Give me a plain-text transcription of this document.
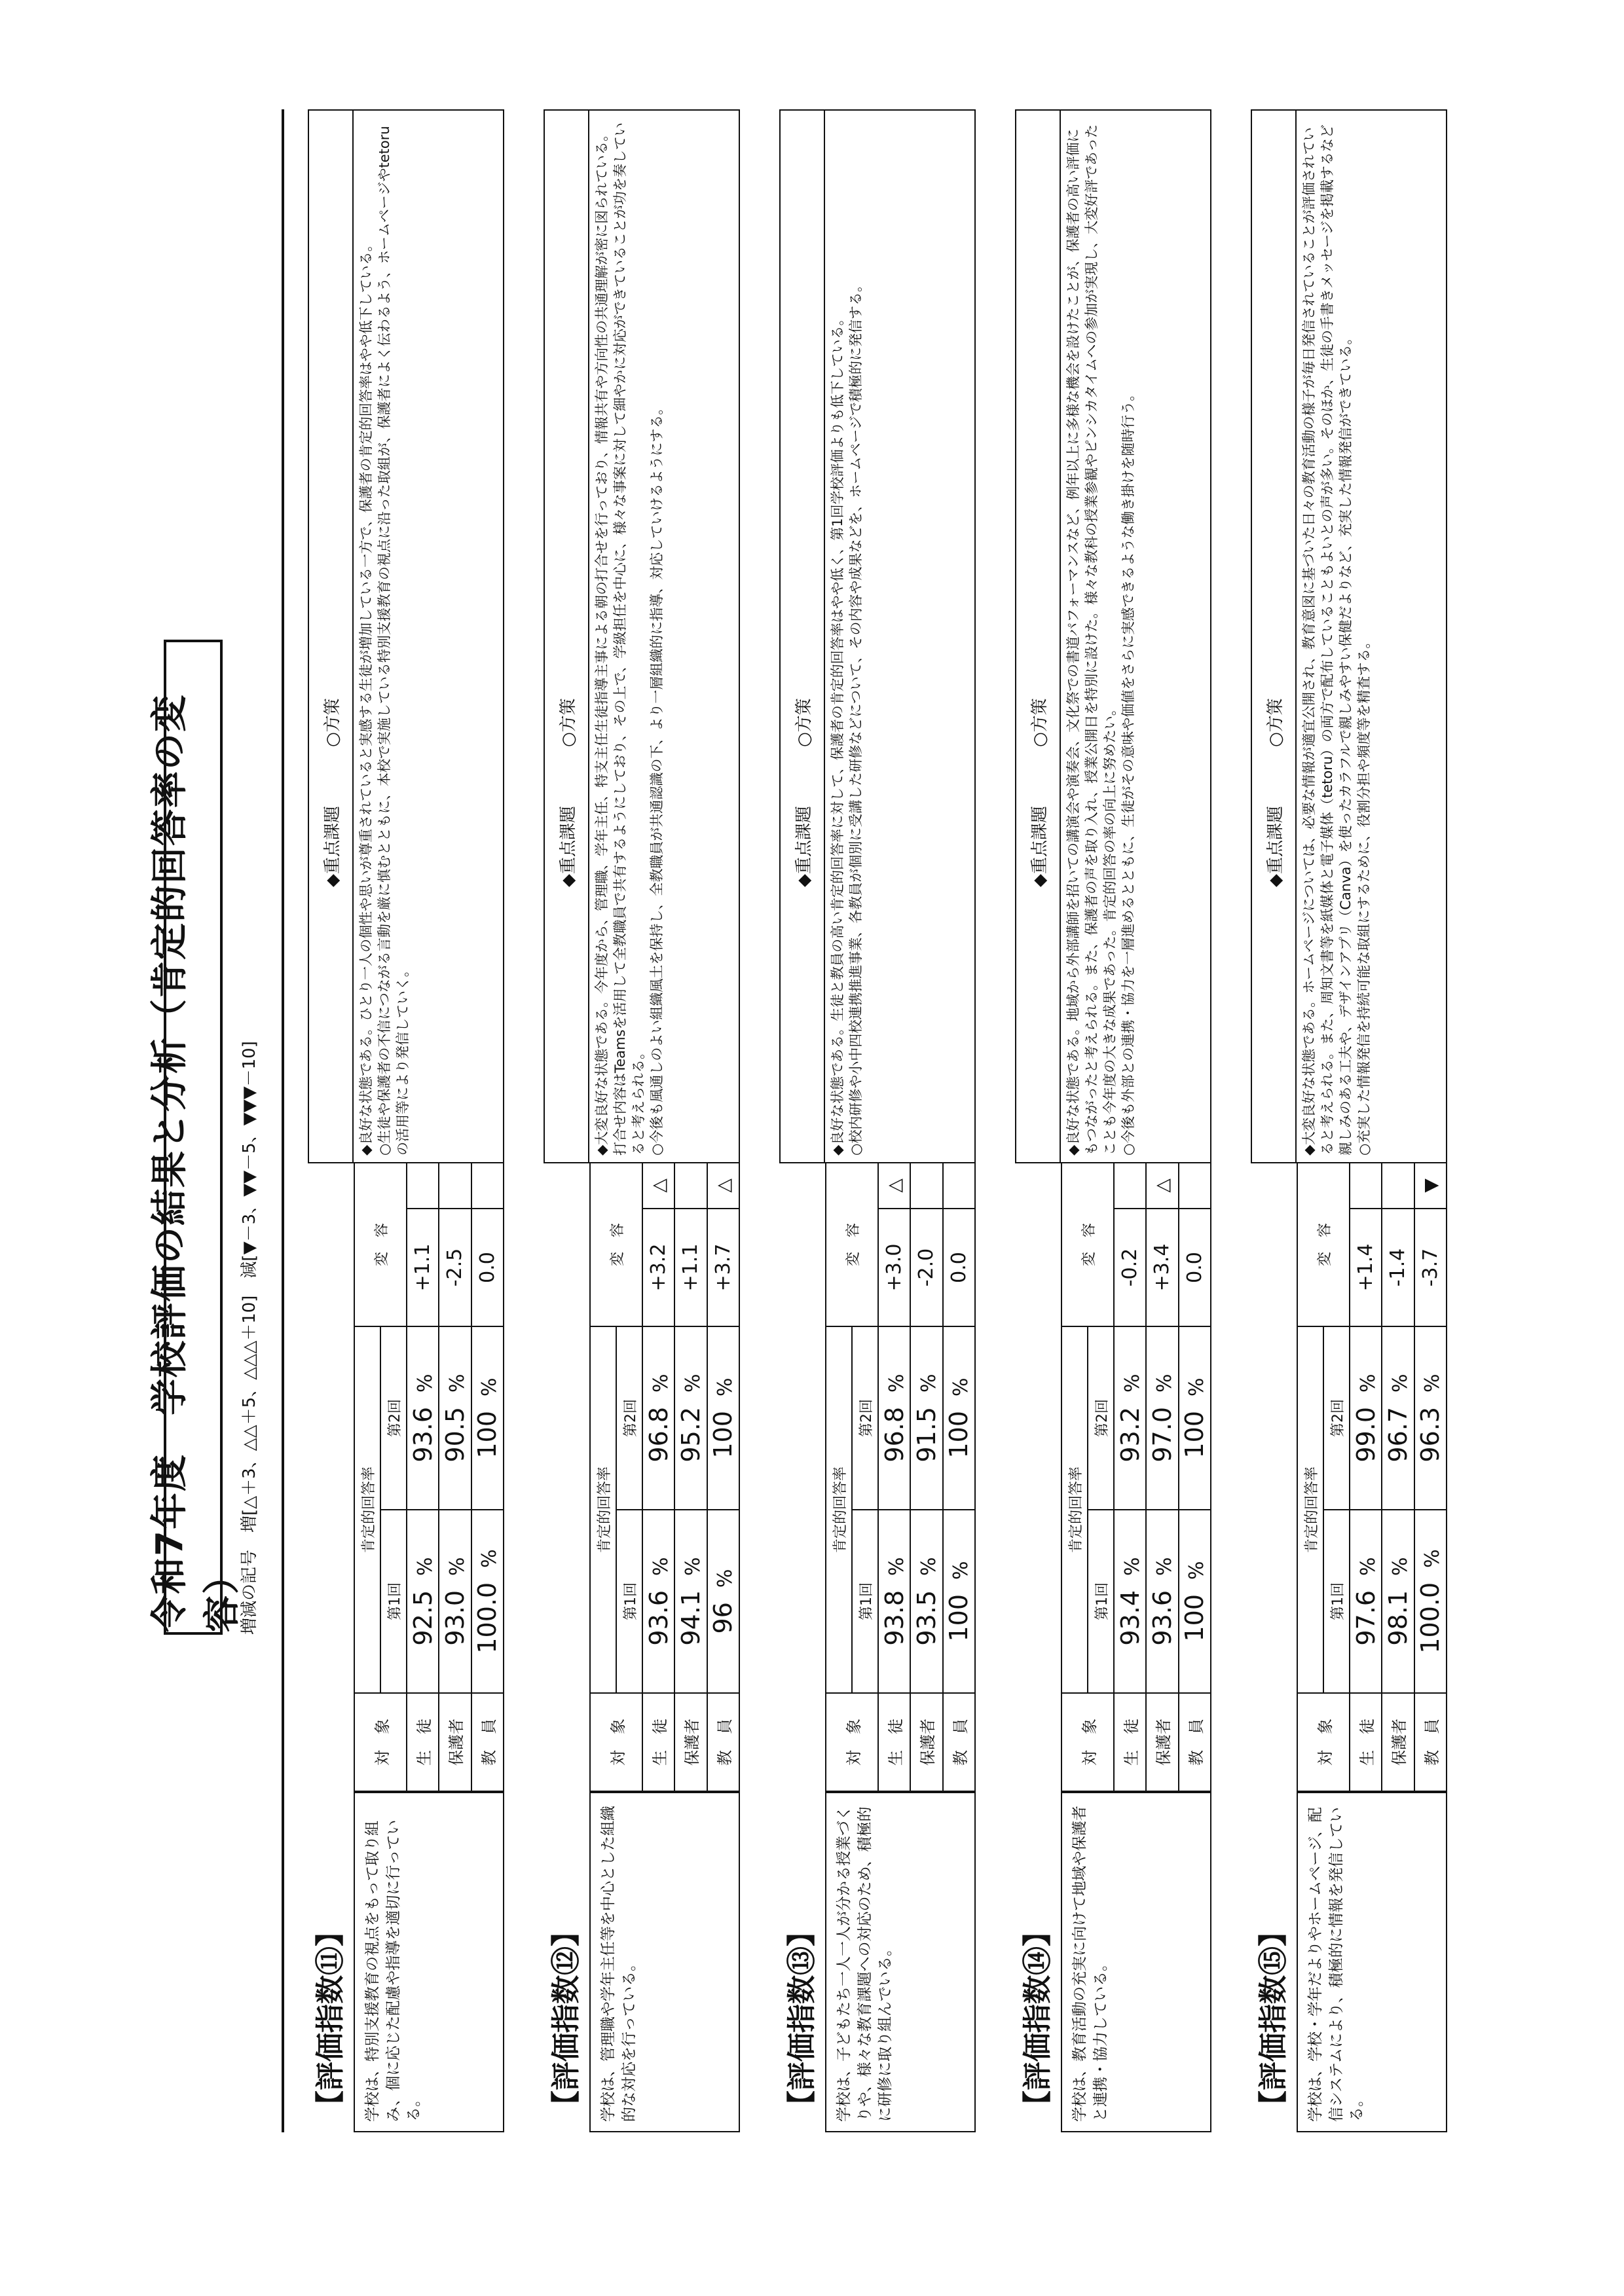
令和7年度　学校評価の結果と分析（肯定的回答率の変容）
増減の記号　増[△＋3、△△＋5、△△△＋10]　減[▼－3、▼▼－5、▼▼▼－10]
【評価指数⑪】	学校は、特別支援教育の視点をもって取り組み、個に応じた配慮や指導を適切に行っている。
対　象	肯定的回答率		変　容	
	第1回	第2回		
生　徒	92.5%	93.6%	+1.1	
保護者	93.0%	90.5%	-2.5	
教　員	100.0%	100%	0.0	
◆重点課題
○方策 ◆良好な状態である。ひとり一人の個性や思いが尊重されていると実感する生徒が増加している一方で、保護者の肯定的回答率はやや低下している。 ○生徒や保護者の不信につながる言動を厳に慎むとともに、本校で実施している特別支援教育の視点に沿った取組が、保護者によく伝わるよう、ホームページやtetoruの活用等により発信していく。

【評価指数⑫】	学校は、管理職や学年主任等を中心とした組織的な対応を行っている。
対　象	肯定的回答率		変　容	
	第1回	第2回		
生　徒	93.6%	96.8%	+3.2	△
保護者	94.1%	95.2%	+1.1	
教　員	96%	100%	+3.7	△
◆重点課題
○方策 ◆大変良好な状態である。今年度から、管理職、学年主任、特支主任生徒指導主事による朝の打合せを行っており、情報共有や方向性の共通理解が密に図られている。打合せ内容はTeamsを活用して全教職員で共有するようにしており、その上で、学級担任を中心に、様々な事案に対して細やかに対応ができていることが功を奏していると考えられる。 ○今後も風通しのよい組織風土を保持し、全教職員が共通認識の下、より一層組織的に指導、対応していけるようにする。

【評価指数⑬】	学校は、子どもたち一人一人が分かる授業づくりや、様々な教育課題への対応のため、積極的に研修に取り組んでいる。
対　象	肯定的回答率		変　容	
	第1回	第2回		
生　徒	93.8%	96.8%	+3.0	△
保護者	93.5%	91.5%	-2.0	
教　員	100%	100%	0.0	
◆重点課題
○方策 ◆良好な状態である。生徒と教員の高い肯定的回答率に対して、保護者の肯定的回答率はやや低く、第1回学校評価よりも低下している。 ○校内研修や小中四校連携推進事業、各教員が個別に受講した研修などについて、その内容や成果などを、ホームページで積極的に発信する。

【評価指数⑭】	学校は、教育活動の充実に向けて地域や保護者と連携・協力している。
対　象	肯定的回答率		変　容	
	第1回	第2回		
生　徒	93.4%	93.2%	-0.2	
保護者	93.6%	97.0%	+3.4	△
教　員	100%	100%	0.0	
◆重点課題
○方策 ◆良好な状態である。地域から外部講師を招いての講演会や演奏会、文化祭での書道パフォーマンスなど、例年以上に多様な機会を設けたことが、保護者の高い評価にもつながったと考えられる。また、保護者の声を取り入れ、授業公開日を特別に設けた。様々な教科の授業参観やピンシカタイムへの参加が実現し、大変好評であったことも今年度の大きな成果であった。肯定的回答の率の向上に努めたい。 ○今後も外部との連携・協力を一層進めるとともに、生徒がその意味や価値をさらに実感できるような働き掛けを随時行う。

【評価指数⑮】	学校は、学校・学年だよりやホームページ、配信システムにより、積極的に情報を発信している。
対　象	肯定的回答率		変　容	
	第1回	第2回		
生　徒	97.6%	99.0%	+1.4	
保護者	98.1%	96.7%	-1.4	
教　員	100.0%	96.3%	-3.7	▼
◆重点課題
○方策 ◆大変良好な状態である。ホームページについては、必要な情報が適宜公開され、教育意図に基づいた日々の教育活動の様子が毎日発信されていることが評価されていると考えられる。また、周知文書等を紙媒体と電子媒体（tetoru）の両方で配布していることもよいとの声が多い。そのほか、生徒の手書きメッセージを掲載するなど親しみのある工夫や、デザインアプリ（Canva）を使ったカラフルで親しみやすい保健だよりなど、充実した情報発信ができている。 ○充実した情報発信を持続可能な取組にするために、役割分担や頻度等を精査する。
